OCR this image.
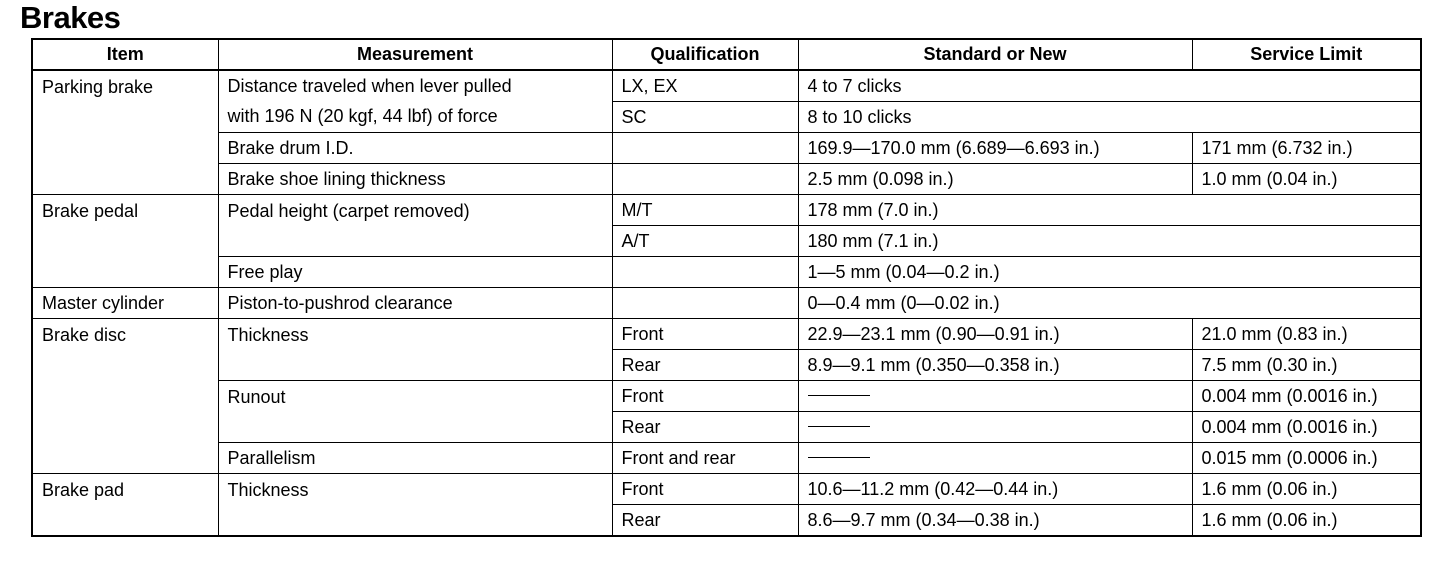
Brakes
Item	Measurement	Qualification	Standard or New	Service Limit
Parking brake	Distance traveled when lever pulled	LX, EX	4 to 7 clicks	
	with 196 N (20 kgf, 44 lbf) of force	SC	8 to 10 clicks	
	Brake drum I.D.		169.9—170.0 mm (6.689—6.693 in.)	171 mm (6.732 in.)
	Brake shoe lining thickness		2.5 mm (0.098 in.)	1.0 mm (0.04 in.)
Brake pedal	Pedal height (carpet removed)	M/T	178 mm (7.0 in.)	
		A/T	180 mm (7.1 in.)	
	Free play		1—5 mm (0.04—0.2 in.)	
Master cylinder	Piston-to-pushrod clearance		0—0.4 mm (0—0.02 in.)	
Brake disc	Thickness	Front	22.9—23.1 mm (0.90—0.91 in.)	21.0 mm (0.83 in.)
		Rear	8.9—9.1 mm (0.350—0.358 in.)	7.5 mm (0.30 in.)
	Runout	Front		0.004 mm (0.0016 in.)
		Rear		0.004 mm (0.0016 in.)
	Parallelism	Front and rear		0.015 mm (0.0006 in.)
Brake pad	Thickness	Front	10.6—11.2 mm (0.42—0.44 in.)	1.6 mm (0.06 in.)
		Rear	8.6—9.7 mm (0.34—0.38 in.)	1.6 mm (0.06 in.)
